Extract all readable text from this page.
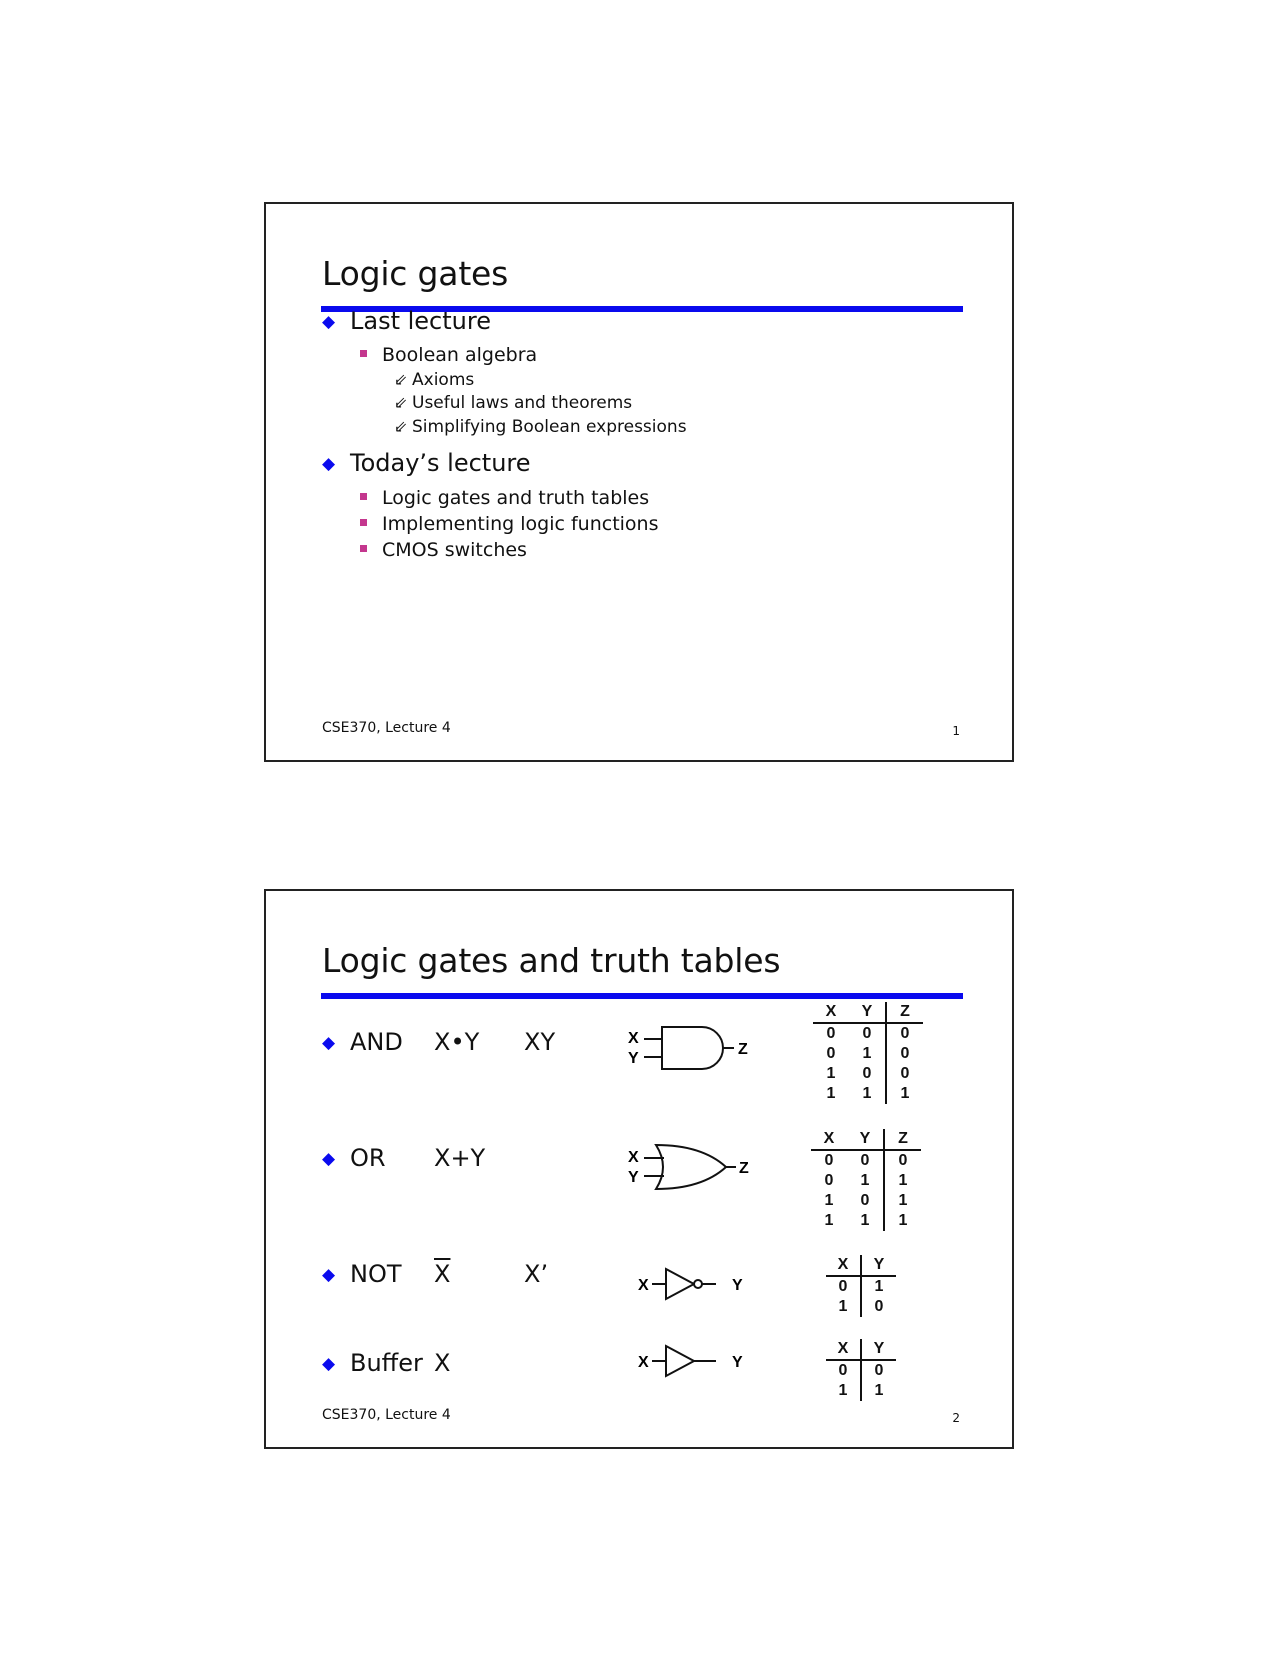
Logic gates
◆ Last lecture
Boolean algebra
⇙ Axioms
⇙ Useful laws and theorems
⇙ Simplifying Boolean expressions
◆ Today’s lecture
Logic gates and truth tables
Implementing logic functions
CMOS switches
CSE370, Lecture 4	1
Logic gates and truth tables
◆ AND X•Y XY	X
Y
Z
X	Y	Z
0	0	0
0	1	0
1	0	0
1	1	1
◆ OR X+Y	X
Y
Z
X	Y	Z
0	0	0
0	1	1
1	0	1
1	1	1
◆ NOT $\overline{X}$	X’	X	Y
X	Y
0	1
1	0
◆ Buffer X	X	Y
X	Y
0	0
1	1
CSE370, Lecture 4	2
